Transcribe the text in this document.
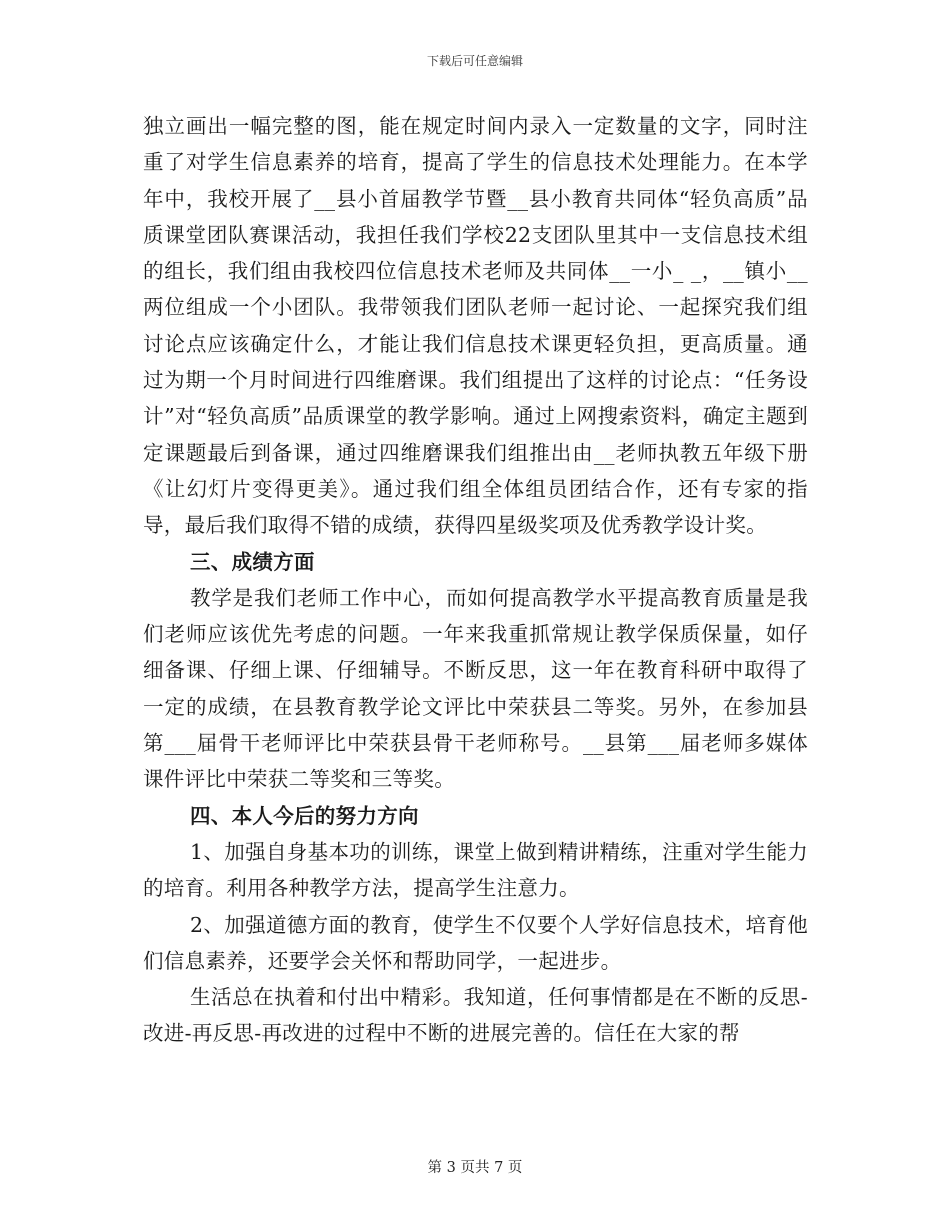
下载后可任意编辑

独立画出一幅完整的图，能在规定时间内录入一定数量的文字，同时注重了对学生信息素养的培育，提高了学生的信息技术处理能力。在本学年中，我校开展了__县小首届教学节暨__县小教育共同体“轻负高质”品质课堂团队赛课活动，我担任我们学校22支团队里其中一支信息技术组的组长，我们组由我校四位信息技术老师及共同体__一小_ _，__镇小__两位组成一个小团队。我带领我们团队老师一起讨论、一起探究我们组讨论点应该确定什么，才能让我们信息技术课更轻负担，更高质量。通过为期一个月时间进行四维磨课。我们组提出了这样的讨论点：“任务设计”对“轻负高质”品质课堂的教学影响。通过上网搜索资料，确定主题到定课题最后到备课，通过四维磨课我们组推出由__老师执教五年级下册《让幻灯片变得更美》。通过我们组全体组员团结合作，还有专家的指导，最后我们取得不错的成绩，获得四星级奖项及优秀教学设计奖。

三、成绩方面

教学是我们老师工作中心，而如何提高教学水平提高教育质量是我们老师应该优先考虑的问题。一年来我重抓常规让教学保质保量，如仔细备课、仔细上课、仔细辅导。不断反思，这一年在教育科研中取得了一定的成绩，在县教育教学论文评比中荣获县二等奖。另外，在参加县第___届骨干老师评比中荣获县骨干老师称号。__县第___届老师多媒体课件评比中荣获二等奖和三等奖。

四、本人今后的努力方向

1、加强自身基本功的训练，课堂上做到精讲精练，注重对学生能力的培育。利用各种教学方法，提高学生注意力。

2、加强道德方面的教育，使学生不仅要个人学好信息技术，培育他们信息素养，还要学会关怀和帮助同学，一起进步。

生活总在执着和付出中精彩。我知道，任何事情都是在不断的反思-改进-再反思-再改进的过程中不断的进展完善的。信任在大家的帮

第 3 页共 7 页
